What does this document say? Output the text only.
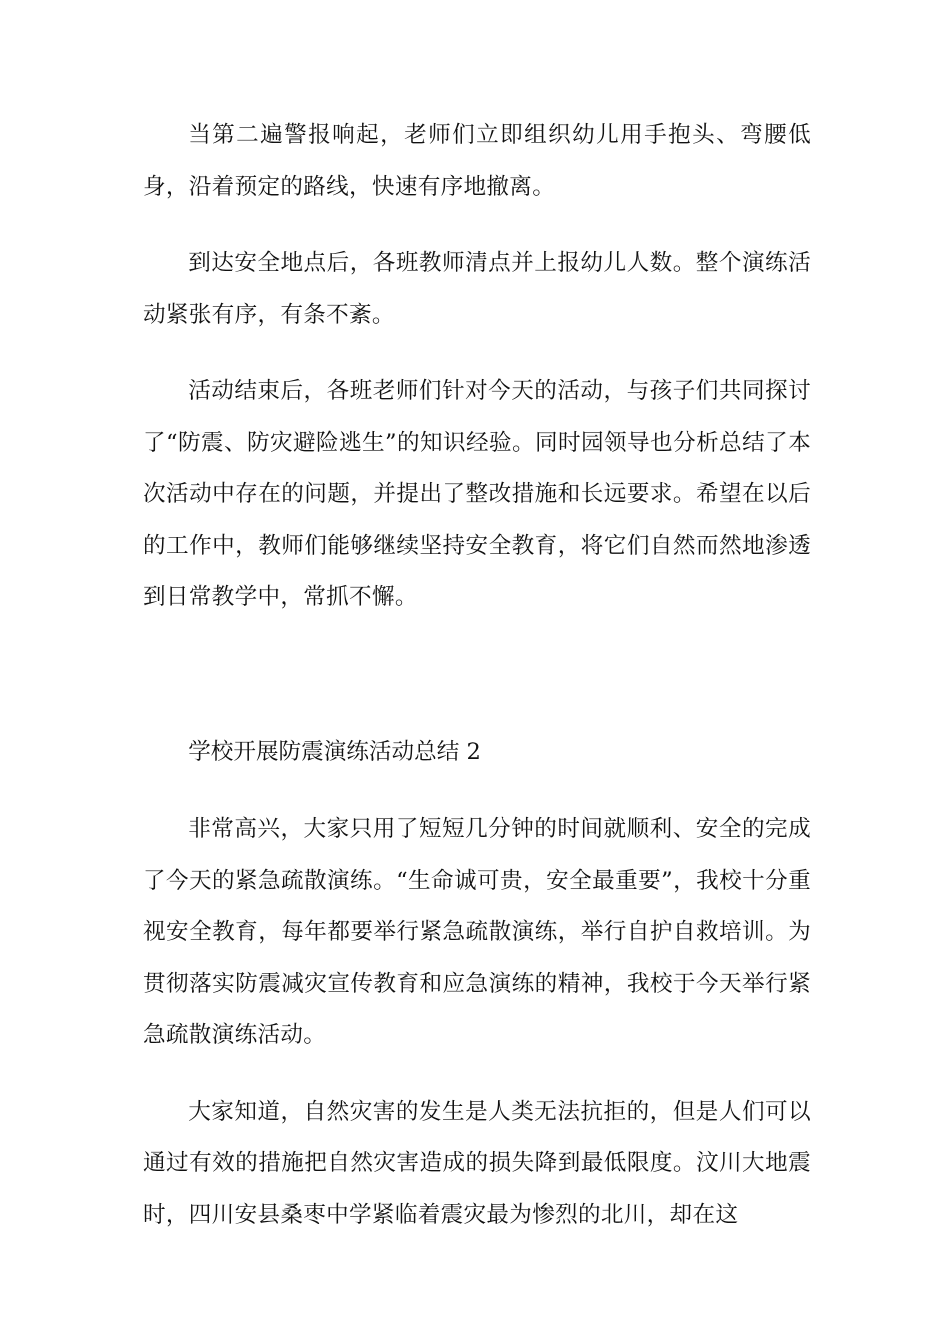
当第二遍警报响起，老师们立即组织幼儿用手抱头、弯腰低身，沿着预定的路线，快速有序地撤离。

到达安全地点后，各班教师清点并上报幼儿人数。整个演练活动紧张有序，有条不紊。

活动结束后，各班老师们针对今天的活动，与孩子们共同探讨了“防震、防灾避险逃生”的知识经验。同时园领导也分析总结了本次活动中存在的问题，并提出了整改措施和长远要求。希望在以后的工作中，教师们能够继续坚持安全教育，将它们自然而然地渗透到日常教学中，常抓不懈。

学校开展防震演练活动总结 2

非常高兴，大家只用了短短几分钟的时间就顺利、安全的完成了今天的紧急疏散演练。“生命诚可贵，安全最重要”，我校十分重视安全教育，每年都要举行紧急疏散演练，举行自护自救培训。为贯彻落实防震减灾宣传教育和应急演练的精神，我校于今天举行紧急疏散演练活动。

大家知道，自然灾害的发生是人类无法抗拒的，但是人们可以通过有效的措施把自然灾害造成的损失降到最低限度。汶川大地震时，四川安县桑枣中学紧临着震灾最为惨烈的北川，却在这
